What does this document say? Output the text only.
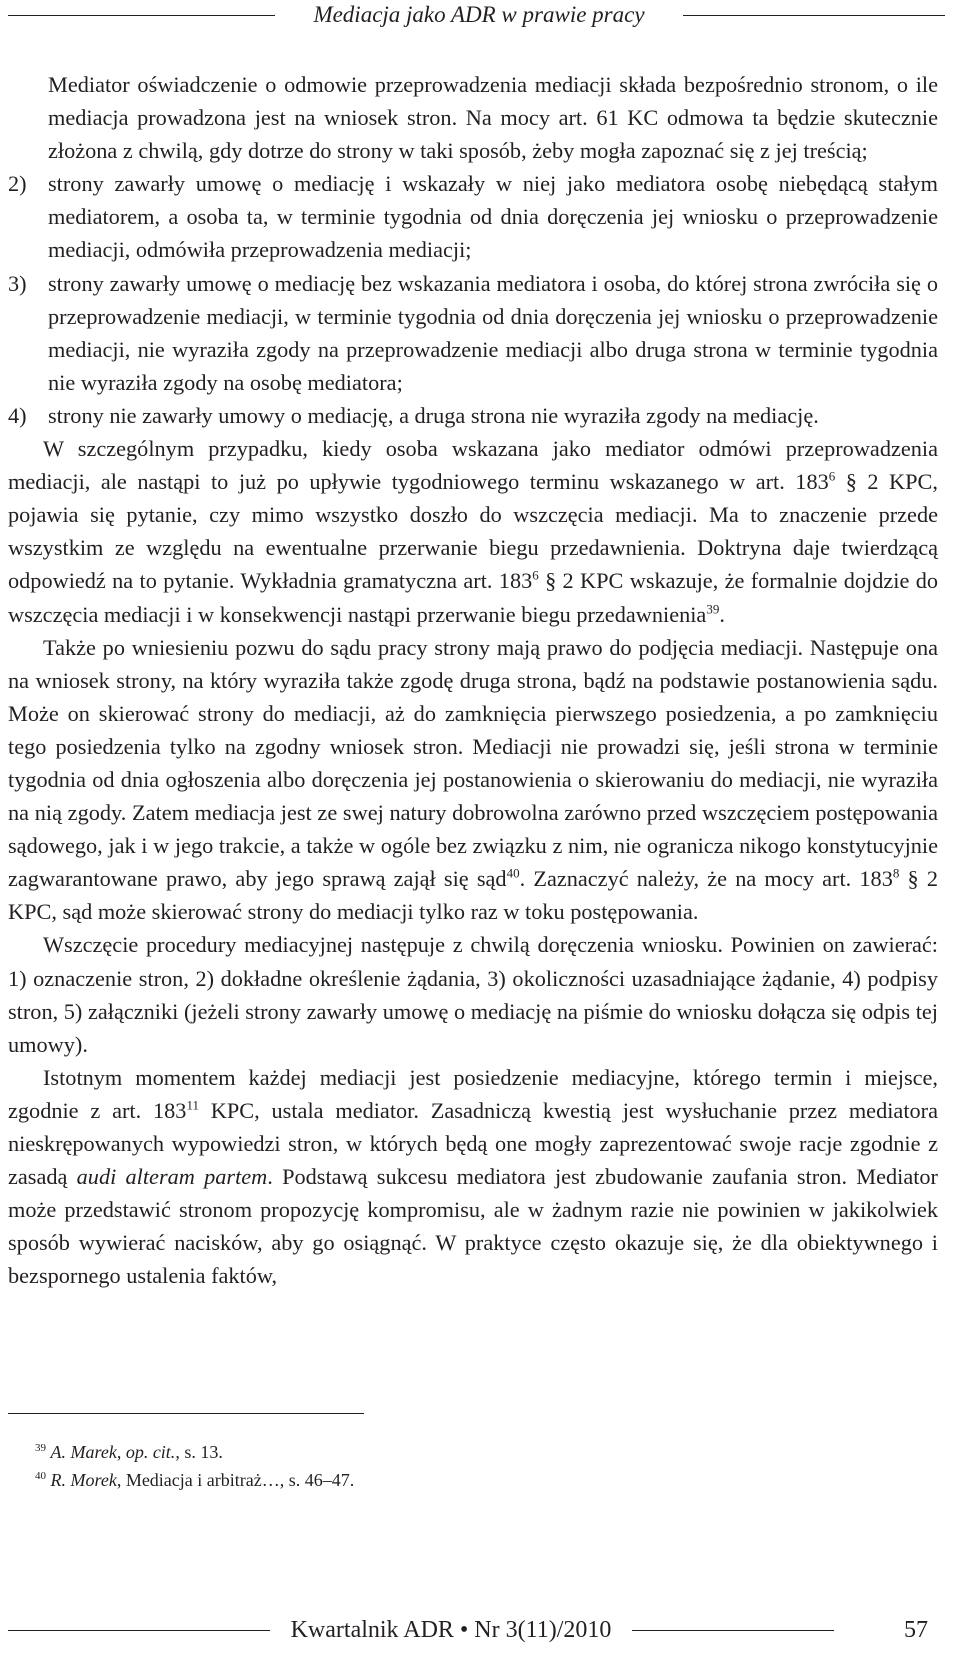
Mediacja jako ADR w prawie pracy

Mediator oświadczenie o odmowie przeprowadzenia mediacji składa bezpośrednio stronom, o ile mediacja prowadzona jest na wniosek stron. Na mocy art. 61 KC odmowa ta będzie skutecznie złożona z chwilą, gdy dotrze do strony w taki sposób, żeby mogła zapoznać się z jej treścią;

2) strony zawarły umowę o mediację i wskazały w niej jako mediatora osobę niebędącą stałym mediatorem, a osoba ta, w terminie tygodnia od dnia doręczenia jej wniosku o przeprowadzenie mediacji, odmówiła przeprowadzenia mediacji;

3) strony zawarły umowę o mediację bez wskazania mediatora i osoba, do której strona zwróciła się o przeprowadzenie mediacji, w terminie tygodnia od dnia doręczenia jej wniosku o przeprowadzenie mediacji, nie wyraziła zgody na przeprowadzenie mediacji albo druga strona w terminie tygodnia nie wyraziła zgody na osobę mediatora;

4) strony nie zawarły umowy o mediację, a druga strona nie wyraziła zgody na mediację.

W szczególnym przypadku, kiedy osoba wskazana jako mediator odmówi przeprowadzenia mediacji, ale nastąpi to już po upływie tygodniowego terminu wskazanego w art. $183^6$ § 2 KPC, pojawia się pytanie, czy mimo wszystko doszło do wszczęcia mediacji. Ma to znaczenie przede wszystkim ze względu na ewentualne przerwanie biegu przedawnienia. Doktryna daje twierdzącą odpowiedź na to pytanie. Wykładnia gramatyczna art. $183^6$ § 2 KPC wskazuje, że formalnie dojdzie do wszczęcia mediacji i w konsekwencji nastąpi przerwanie biegu przedawnienia$^{39}$.

Także po wniesieniu pozwu do sądu pracy strony mają prawo do podjęcia mediacji. Następuje ona na wniosek strony, na który wyraziła także zgodę druga strona, bądź na podstawie postanowienia sądu. Może on skierować strony do mediacji, aż do zamknięcia pierwszego posiedzenia, a po zamknięciu tego posiedzenia tylko na zgodny wniosek stron. Mediacji nie prowadzi się, jeśli strona w terminie tygodnia od dnia ogłoszenia albo doręczenia jej postanowienia o skierowaniu do mediacji, nie wyraziła na nią zgody. Zatem mediacja jest ze swej natury dobrowolna zarówno przed wszczęciem postępowania sądowego, jak i w jego trakcie, a także w ogóle bez związku z nim, nie ogranicza nikogo konstytucyjnie zagwarantowane prawo, aby jego sprawą zajął się sąd$^{40}$. Zaznaczyć należy, że na mocy art. $183^8$ § 2 KPC, sąd może skierować strony do mediacji tylko raz w toku postępowania.

Wszczęcie procedury mediacyjnej następuje z chwilą doręczenia wniosku. Powinien on zawierać: 1) oznaczenie stron, 2) dokładne określenie żądania, 3) okoliczności uzasadniające żądanie, 4) podpisy stron, 5) załączniki (jeżeli strony zawarły umowę o mediację na piśmie do wniosku dołącza się odpis tej umowy).

Istotnym momentem każdej mediacji jest posiedzenie mediacyjne, którego termin i miejsce, zgodnie z art. $183^{11}$ KPC, ustala mediator. Zasadniczą kwestią jest wysłuchanie przez mediatora nieskrępowanych wypowiedzi stron, w których będą one mogły zaprezentować swoje racje zgodnie z zasadą audi alteram partem. Podstawą sukcesu mediatora jest zbudowanie zaufania stron. Mediator może przedstawić stronom propozycję kompromisu, ale w żadnym razie nie powinien w jakikolwiek sposób wywierać nacisków, aby go osiągnąć. W praktyce często okazuje się, że dla obiektywnego i bezspornego ustalenia faktów,

$^{39}$ A. Marek, op. cit., s. 13.
$^{40}$ R. Morek, Mediacja i arbitraż…, s. 46–47.
Kwartalnik ADR • Nr 3(11)/2010	57
